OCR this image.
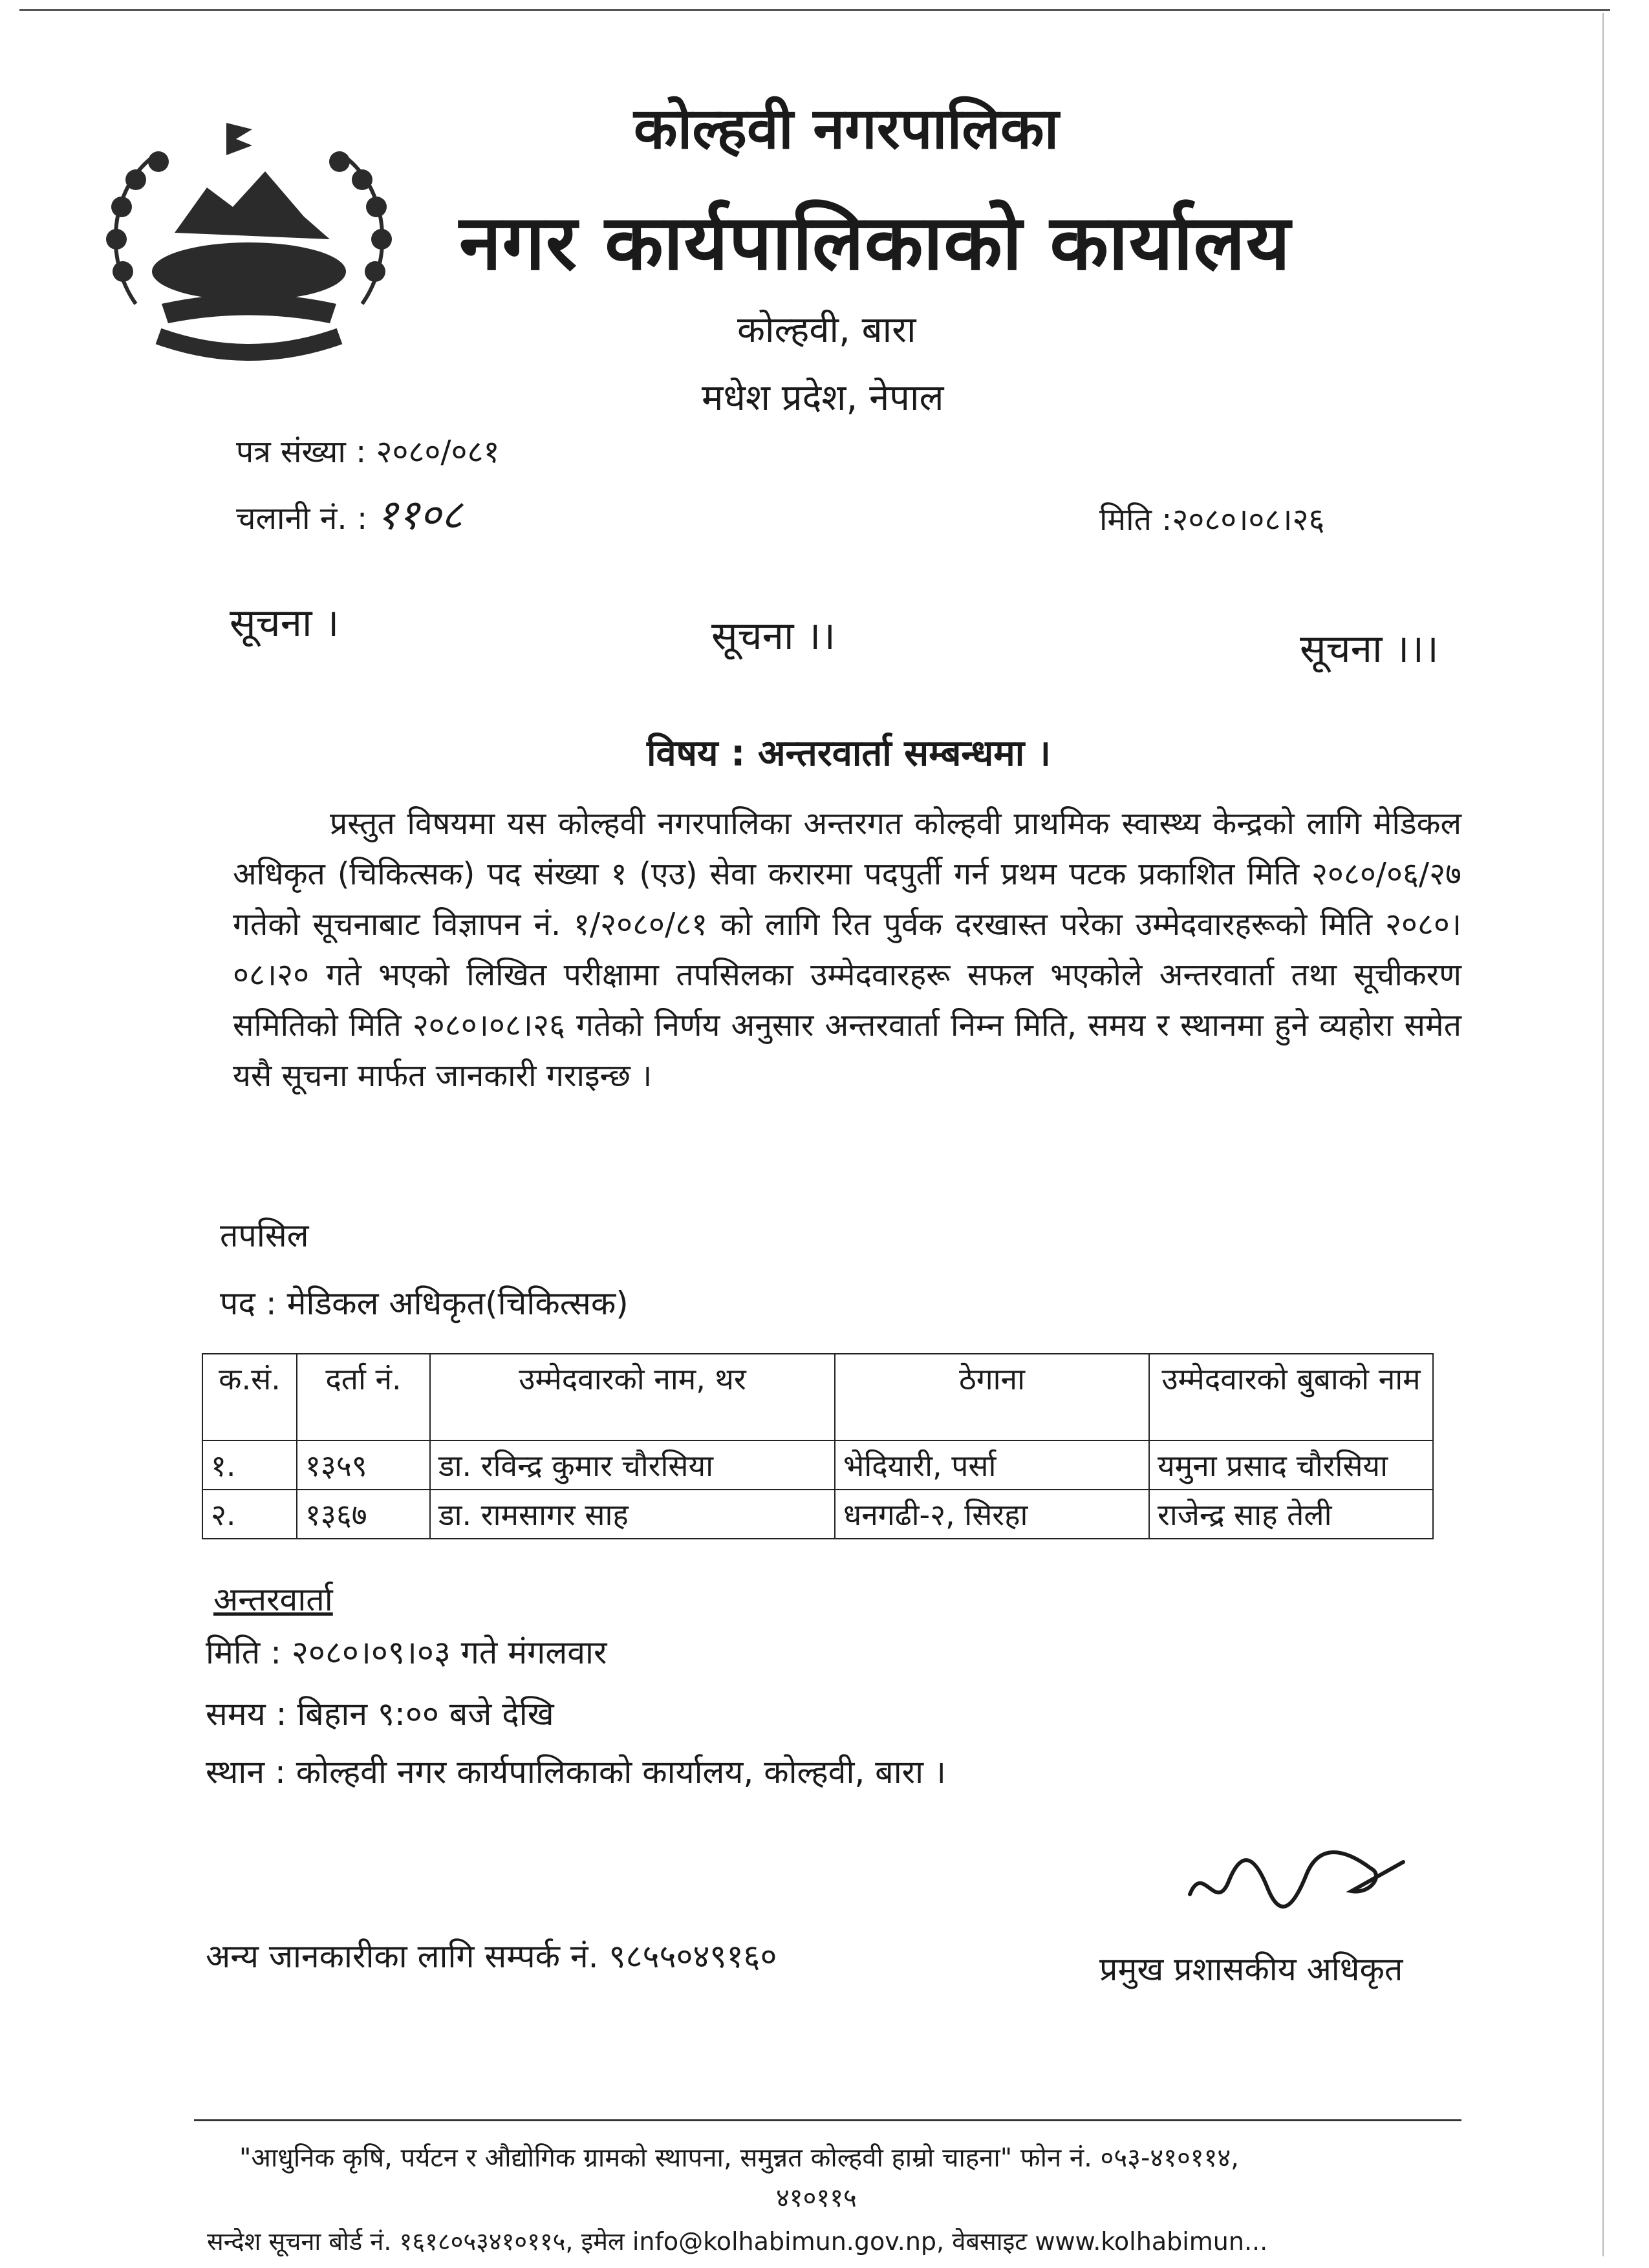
कोल्हवी नगरपालिका
नगर कार्यपालिकाको कार्यालय
कोल्हवी, बारा
मधेश प्रदेश, नेपाल
पत्र संख्या : २०८०/०८१
चलानी नं. : ११०८	मिति :२०८०।०८।२६
सूचना ।	सूचना ।।	सूचना ।।।
विषय : अन्तरवार्ता सम्बन्धमा ।
प्रस्तुत विषयमा यस कोल्हवी नगरपालिका अन्तरगत कोल्हवी प्राथमिक स्वास्थ्य केन्द्रको लागि मेडिकल अधिकृत (चिकित्सक) पद संख्या १ (एउ) सेवा करारमा पदपुर्ती गर्न प्रथम पटक प्रकाशित मिति २०८०/०६/२७ गतेको सूचनाबाट विज्ञापन नं. १/२०८०/८१ को लागि रित पुर्वक दरखास्त परेका उम्मेदवारहरूको मिति २०८०।०८।२० गते भएको लिखित परीक्षामा तपसिलका उम्मेदवारहरू सफल भएकोले अन्तरवार्ता तथा सूचीकरण समितिको मिति २०८०।०८।२६ गतेको निर्णय अनुसार अन्तरवार्ता निम्न मिति, समय र स्थानमा हुने व्यहोरा समेत यसै सूचना मार्फत जानकारी गराइन्छ ।
तपसिल
पद : मेडिकल अधिकृत(चिकित्सक)
क.सं.	दर्ता नं.	उम्मेदवारको नाम, थर	ठेगाना	उम्मेदवारको बुबाको नाम
१.	१३५९	डा. रविन्द्र कुमार चौरसिया	भेदियारी, पर्सा	यमुना प्रसाद चौरसिया
२.	१३६७	डा. रामसागर साह	धनगढी-२, सिरहा	राजेन्द्र साह तेली
अन्तरवार्ता
मिति : २०८०।०९।०३ गते मंगलवार
समय : बिहान ९:०० बजे देखि
स्थान : कोल्हवी नगर कार्यपालिकाको कार्यालय, कोल्हवी, बारा ।
अन्य जानकारीका लागि सम्पर्क नं. ९८५५०४९१६०	प्रमुख प्रशासकीय अधिकृत
"आधुनिक कृषि, पर्यटन र औद्योगिक ग्रामको स्थापना, समुन्नत कोल्हवी हाम्रो चाहना" फोन नं. ०५३-४१०११४,
४१०११५
सन्देश सूचना बोर्ड नं. १६१८०५३४१०११५, इमेल info@kolhabimun.gov.np, वेबसाइट www.kolhabimun...
